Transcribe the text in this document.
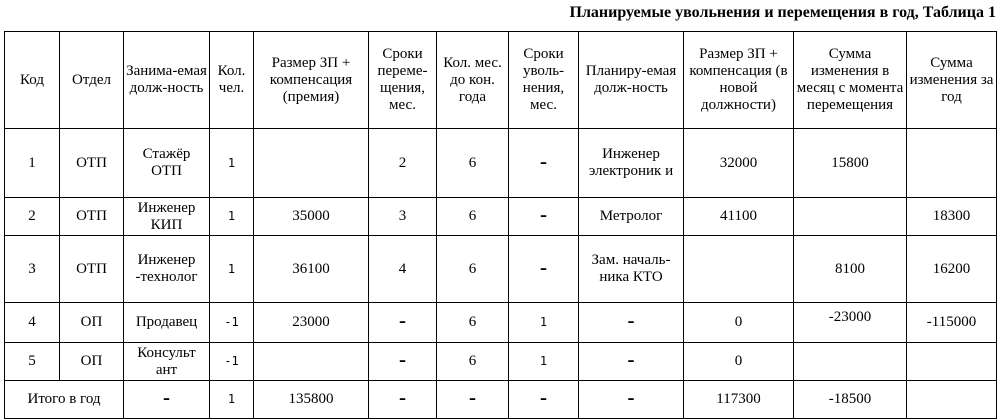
Планируемые увольнения и перемещения в год, Таблица 1
Код	Отдел	Занима-емая долж-ность	Кол. чел.	Размер ЗП + компенсация (премия)	Сроки переме-щения, мес.	Кол. мес. до кон. года	Сроки уволь-нения, мес.	Планиру-емая долж-ность	Размер ЗП + компенсация (в новой должности)	Сумма изменения в месяц с момента перемещения	Сумма изменения за год
1	ОТП	Стажёр ОТП	1		2	6	–	Инженер электроник и	32000	15800	
2	ОТП	Инженер КИП	1	35000	3	6	–	Метролог	41100		18300
3	ОТП	Инженер -технолог	1	36100	4	6	–	Зам. началь-ника КТО		8100	16200
4	ОП	Продавец	-1	23000	–	6	1	–	0	-23000	-115000
5	ОП	Консульт ант	-1		–	6	1	–	0		
Итого в год		–	1	135800	–	–	–	–	117300	-18500	
